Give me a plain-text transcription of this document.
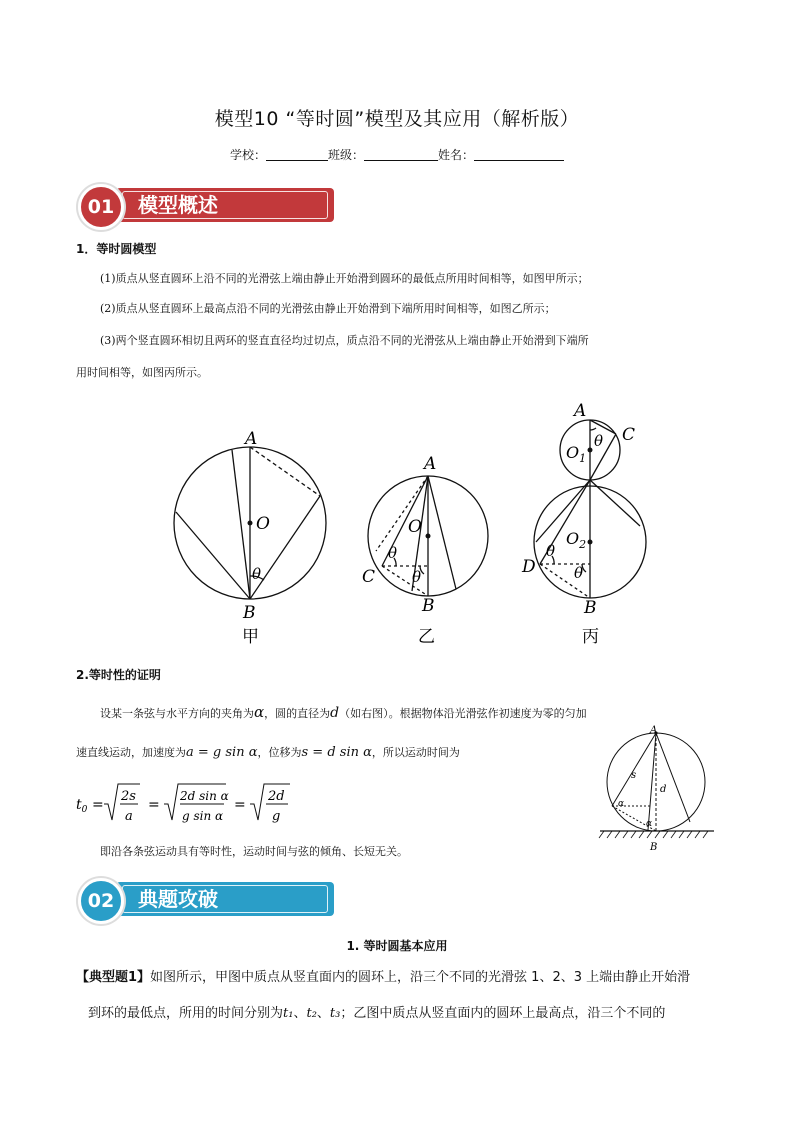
模型10 “等时圆”模型及其应用（解析版）
学校：	班级：	姓名：
模型概述
01
1．等时圆模型
(1)质点从竖直圆环上沿不同的光滑弦上端由静止开始滑到圆环的最低点所用时间相等，如图甲所示；
(2)质点从竖直圆环上最高点沿不同的光滑弦由静止开始滑到下端所用时间相等，如图乙所示；
(3)两个竖直圆环相切且两环的竖直直径均过切点，质点沿不同的光滑弦从上端由静止开始滑到下端所
用时间相等，如图丙所示。
A
O
θ
B
甲
A
O
θ
θ
C
B
乙
A
C
θ
$O_1$
$O_2$
θ
θ
D
B
丙
2.等时性的证明
设某一条弦与水平方向的夹角为α，圆的直径为d（如右图）。根据物体沿光滑弦作初速度为零的匀加
速直线运动，加速度为a = g sin α，位移为s = d sin α，所以运动时间为
$t_0$ =
2s
a
=
2d sin α
g sin α
=
2d
g
即沿各条弦运动具有等时性，运动时间与弦的倾角、长短无关。
A
s
d
α
α
B
典题攻破
02
1. 等时圆基本应用
【典型题1】如图所示，甲图中质点从竖直面内的圆环上，沿三个不同的光滑弦 1、2、3 上端由静止开始滑
到环的最低点，所用的时间分别为t₁、t₂、t₃；乙图中质点从竖直面内的圆环上最高点，沿三个不同的
